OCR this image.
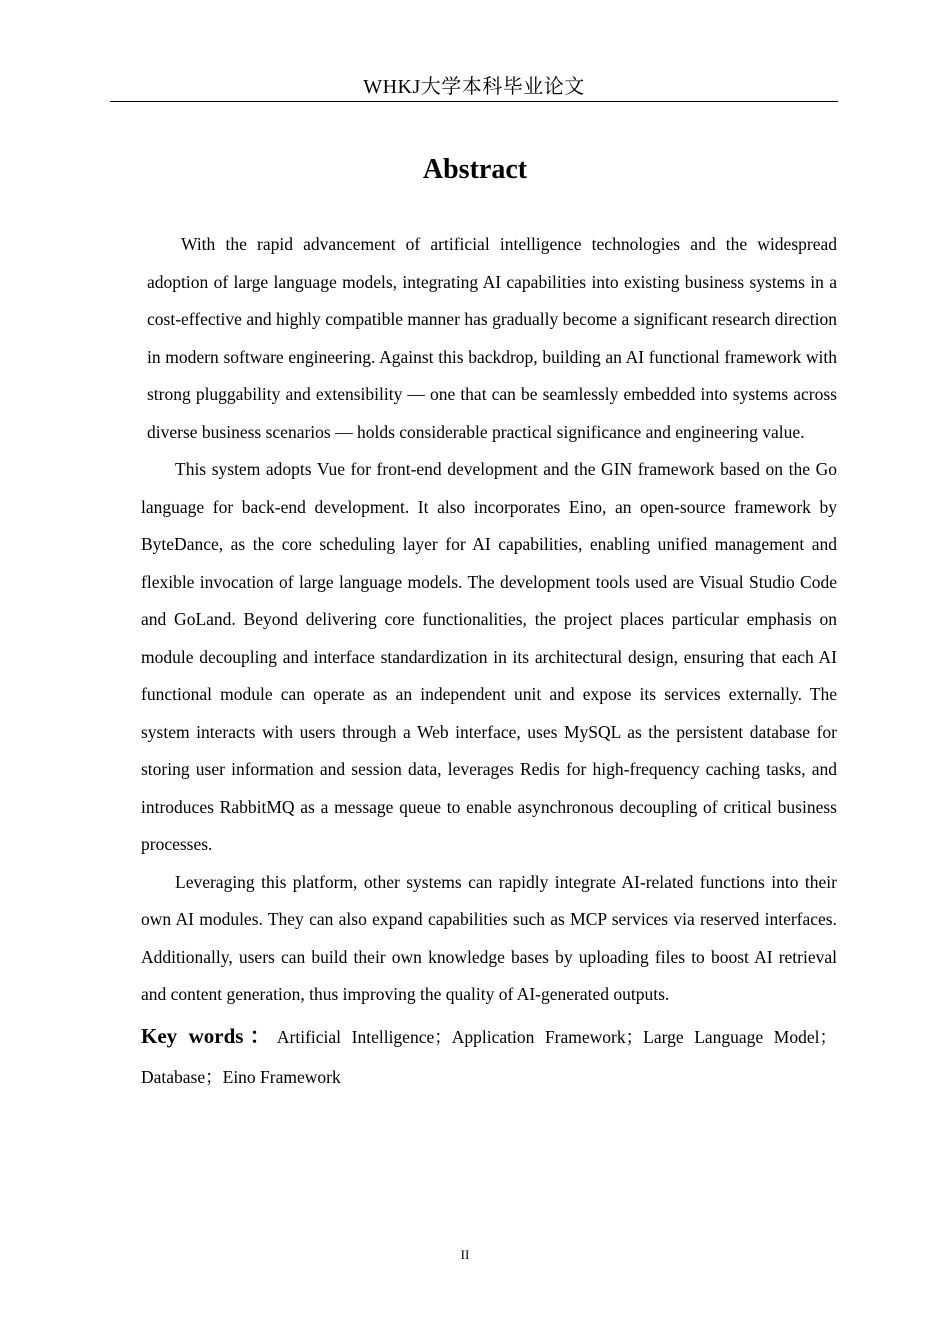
WHKJ大学本科毕业论文
Abstract

With the rapid advancement of artificial intelligence technologies and the widespread adoption of large language models, integrating AI capabilities into existing business systems in a cost-effective and highly compatible manner has gradually become a significant research direction in modern software engineering. Against this backdrop, building an AI functional framework with strong pluggability and extensibility — one that can be seamlessly embedded into systems across diverse business scenarios — holds considerable practical significance and engineering value.

This system adopts Vue for front-end development and the GIN framework based on the Go language for back-end development. It also incorporates Eino, an open-source framework by ByteDance, as the core scheduling layer for AI capabilities, enabling unified management and flexible invocation of large language models. The development tools used are Visual Studio Code and GoLand. Beyond delivering core functionalities, the project places particular emphasis on module decoupling and interface standardization in its architectural design, ensuring that each AI functional module can operate as an independent unit and expose its services externally. The system interacts with users through a Web interface, uses MySQL as the persistent database for storing user information and session data, leverages Redis for high-frequency caching tasks, and introduces RabbitMQ as a message queue to enable asynchronous decoupling of critical business processes.

Leveraging this platform, other systems can rapidly integrate AI-related functions into their own AI modules. They can also expand capabilities such as MCP services via reserved interfaces. Additionally, users can build their own knowledge bases by uploading files to boost AI retrieval and content generation, thus improving the quality of AI-generated outputs.

Key words：Artificial Intelligence；Application Framework；Large Language Model；Database；Eino Framework
II
